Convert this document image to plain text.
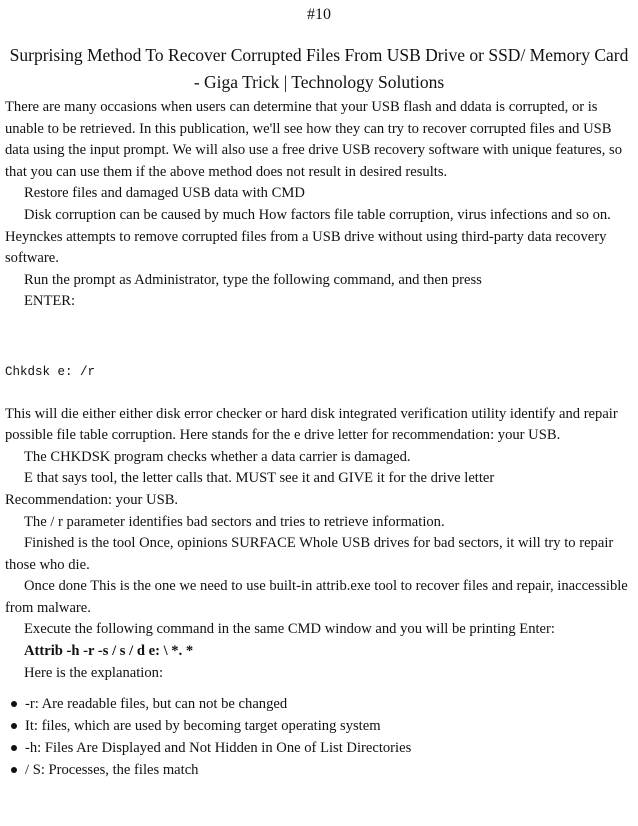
#10

Surprising Method To Recover Corrupted Files From USB Drive or SSD/ Memory Card - Giga Trick | Technology Solutions

There are many occasions when users can determine that your USB flash and ddata is corrupted, or is unable to be retrieved. In this publication, we'll see how they can try to recover corrupted files and USB data using the input prompt. We will also use a free drive USB recovery software with unique features, so that you can use them if the above method does not result in desired results.

Restore files and damaged USB data with CMD

Disk corruption can be caused by much How factors file table corruption, virus infections and so on. Heynckes attempts to remove corrupted files from a USB drive without using third-party data recovery software.

Run the prompt as Administrator, type the following command, and then press

ENTER:

Chkdsk e: /r

This will die either either disk error checker or hard disk integrated verification utility identify and repair possible file table corruption. Here stands for the e drive letter for recommendation: your USB.

The CHKDSK program checks whether a data carrier is damaged.

E that says tool, the letter calls that. MUST see it and GIVE it for the drive letter

Recommendation: your USB.

The / r parameter identifies bad sectors and tries to retrieve information.

Finished is the tool Once, opinions SURFACE Whole USB drives for bad sectors, it will try to repair those who die.

Once done This is the one we need to use built-in attrib.exe tool to recover files and repair, inaccessible from malware.

Execute the following command in the same CMD window and you will be printing Enter:

Attrib -h -r -s / s / d e: \ *. *

Here is the explanation:

-r: Are readable files, but can not be changed
It: files, which are used by becoming target operating system
-h: Files Are Displayed and Not Hidden in One of List Directories
/ S: Processes, the files match
